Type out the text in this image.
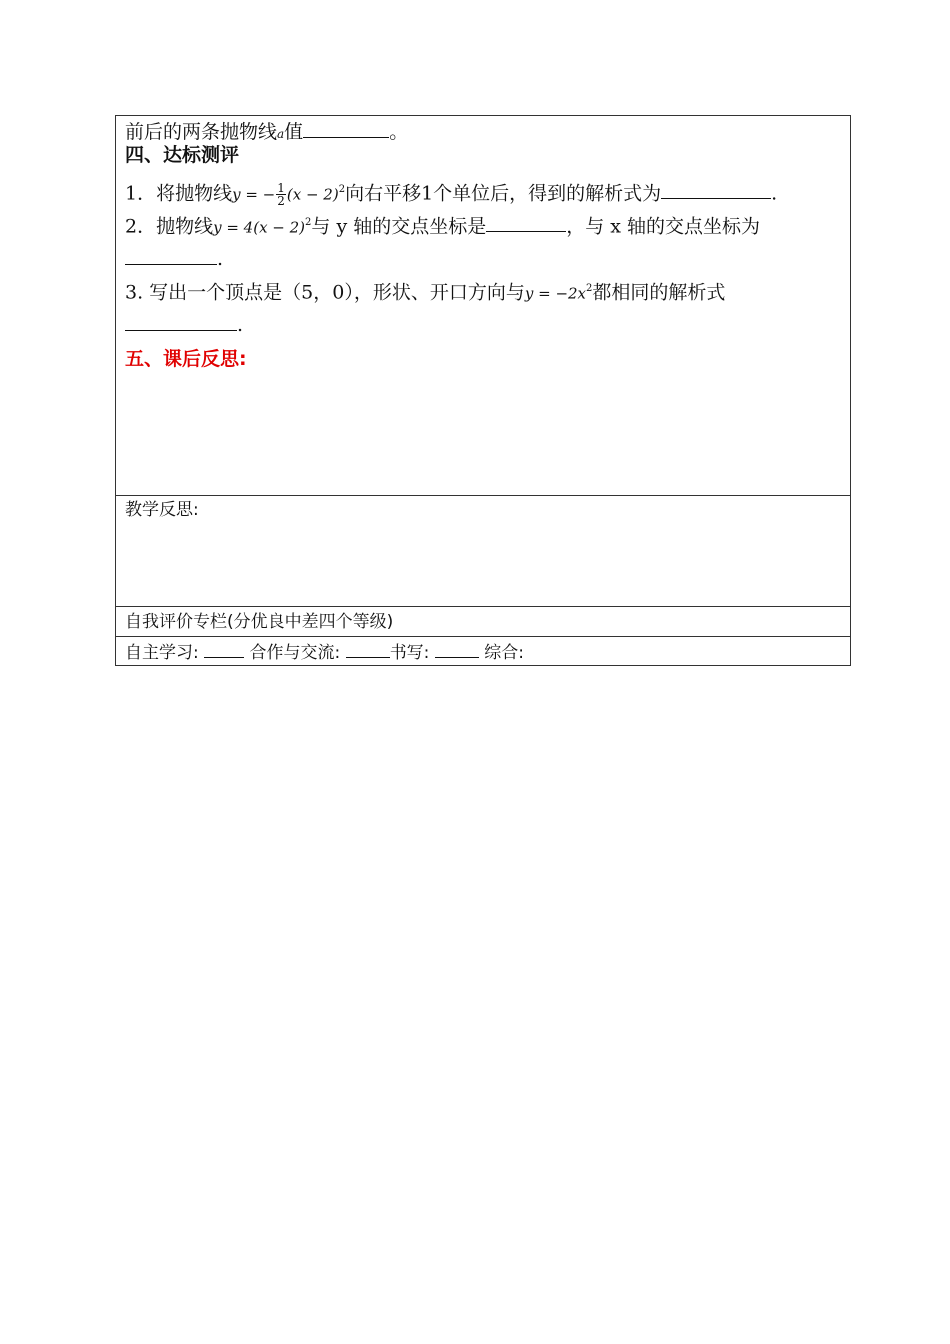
前后的两条抛物线a值	。
四、达标测评
1．将抛物线y = − $\frac{1}{2} (x - 2)^2$向右平移1个单位后，得到的解析式为	.
2．抛物线$y = 4(x - 2)^2$与 y 轴的交点坐标是	，与 x 轴的交点坐标为
.
3. 写出一个顶点是（5，0），形状、开口方向与$y = -2x^2$都相同的解析式
.
五、课后反思:
教学反思:
自我评价专栏(分优良中差四个等级)
自主学习:	合作与交流:	书写:	综合:
